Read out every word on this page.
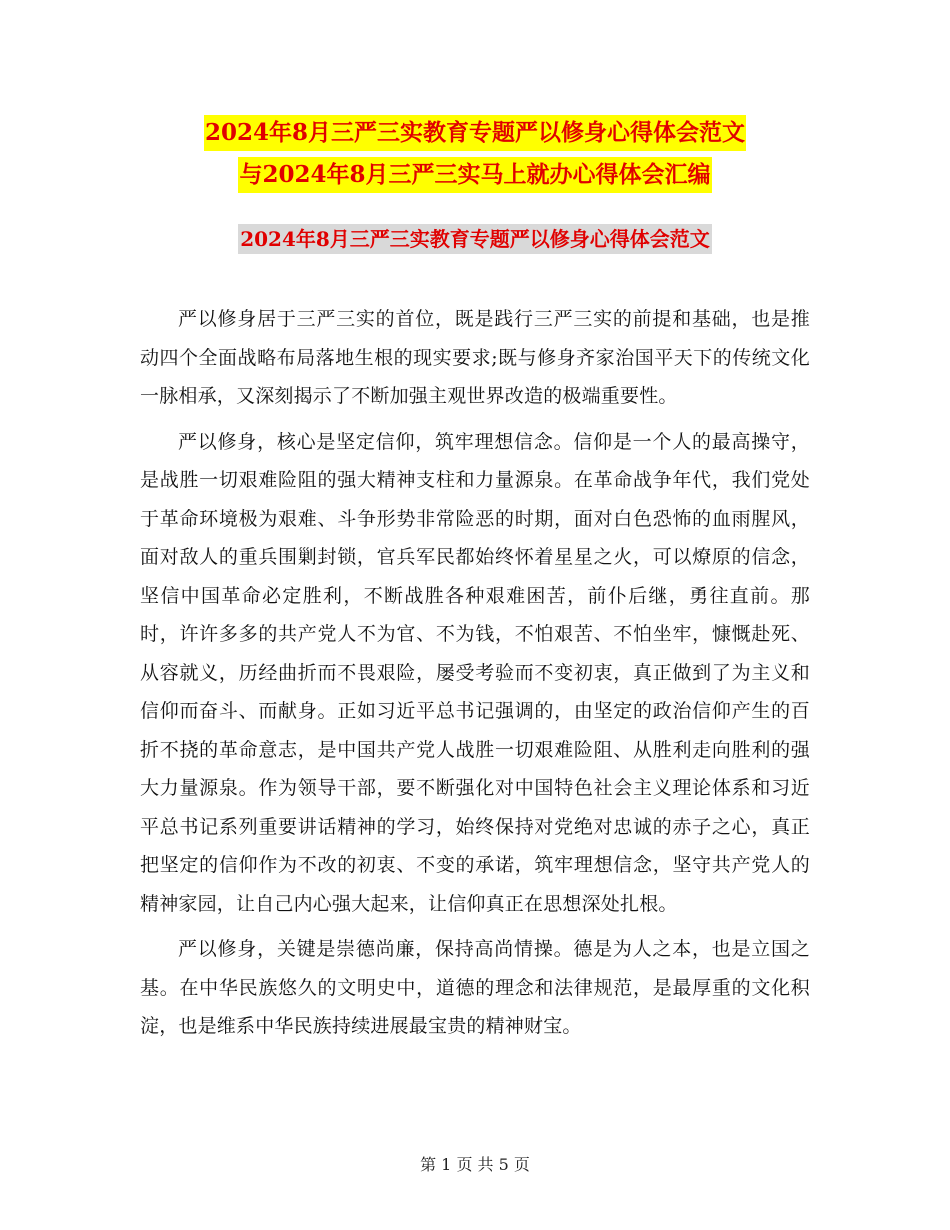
2024年8月三严三实教育专题严以修身心得体会范文
与2024年8月三严三实马上就办心得体会汇编
2024年8月三严三实教育专题严以修身心得体会范文

严以修身居于三严三实的首位，既是践行三严三实的前提和基础，也是推动四个全面战略布局落地生根的现实要求;既与修身齐家治国平天下的传统文化一脉相承，又深刻揭示了不断加强主观世界改造的极端重要性。

严以修身，核心是坚定信仰，筑牢理想信念。信仰是一个人的最高操守，是战胜一切艰难险阻的强大精神支柱和力量源泉。在革命战争年代，我们党处于革命环境极为艰难、斗争形势非常险恶的时期，面对白色恐怖的血雨腥风，面对敌人的重兵围剿封锁，官兵军民都始终怀着星星之火，可以燎原的信念，坚信中国革命必定胜利，不断战胜各种艰难困苦，前仆后继，勇往直前。那时，许许多多的共产党人不为官、不为钱，不怕艰苦、不怕坐牢，慷慨赴死、从容就义，历经曲折而不畏艰险，屡受考验而不变初衷，真正做到了为主义和信仰而奋斗、而献身。正如习近平总书记强调的，由坚定的政治信仰产生的百折不挠的革命意志，是中国共产党人战胜一切艰难险阻、从胜利走向胜利的强大力量源泉。作为领导干部，要不断强化对中国特色社会主义理论体系和习近平总书记系列重要讲话精神的学习，始终保持对党绝对忠诚的赤子之心，真正把坚定的信仰作为不改的初衷、不变的承诺，筑牢理想信念，坚守共产党人的精神家园，让自己内心强大起来，让信仰真正在思想深处扎根。

严以修身，关键是崇德尚廉，保持高尚情操。德是为人之本，也是立国之基。在中华民族悠久的文明史中，道德的理念和法律规范，是最厚重的文化积淀，也是维系中华民族持续进展最宝贵的精神财宝。

第 1 页 共 5 页
